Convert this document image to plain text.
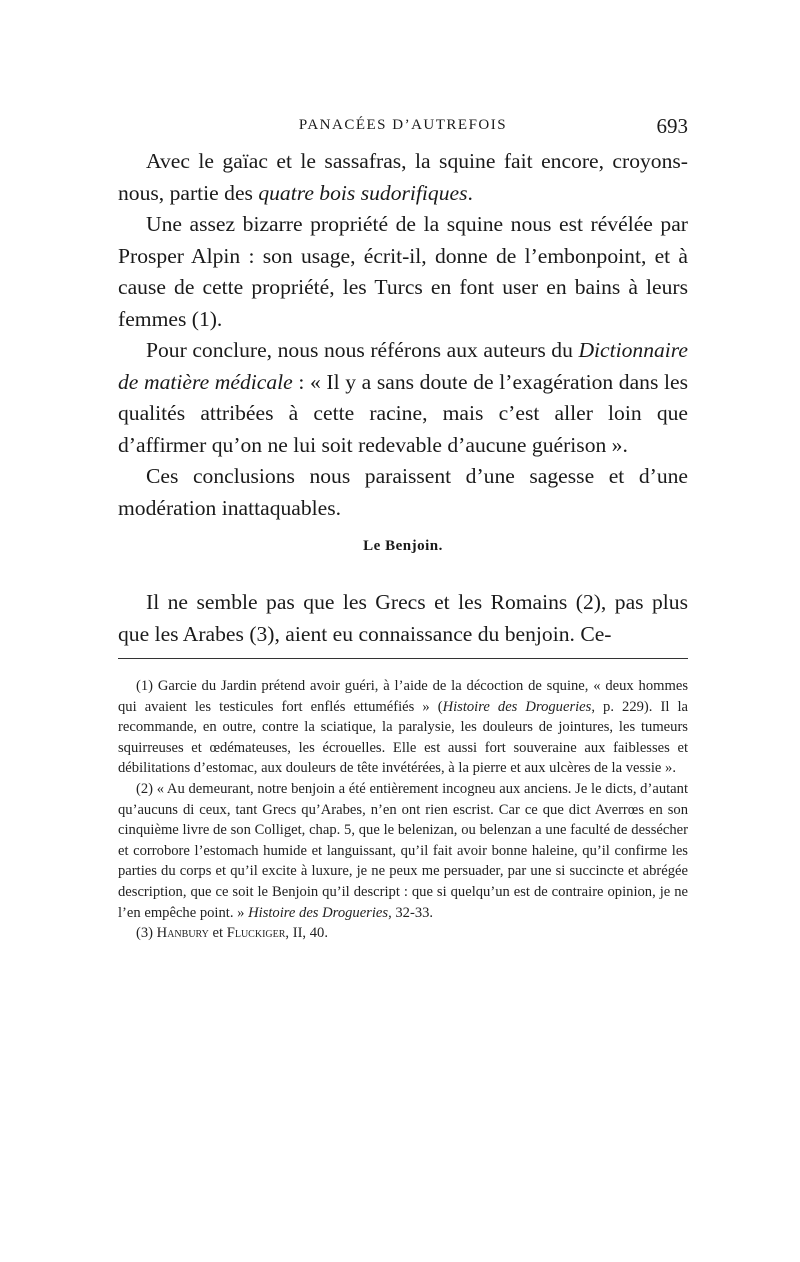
PANACÉES D’AUTREFOIS	693

Avec le gaïac et le sassafras, la squine fait encore, croyons-nous, partie des quatre bois sudorifiques.

Une assez bizarre propriété de la squine nous est révélée par Prosper Alpin : son usage, écrit-il, donne de l’embonpoint, et à cause de cette propriété, les Turcs en font user en bains à leurs femmes (1).

Pour conclure, nous nous référons aux auteurs du Dictionnaire de matière médicale : « Il y a sans doute de l’exagération dans les qualités attribées à cette racine, mais c’est aller loin que d’affirmer qu’on ne lui soit redevable d’aucune guérison ».

Ces conclusions nous paraissent d’une sagesse et d’une modération inattaquables.

Le Benjoin.

Il ne semble pas que les Grecs et les Romains (2), pas plus que les Arabes (3), aient eu connaissance du benjoin. Ce-

(1) Garcie du Jardin prétend avoir guéri, à l’aide de la décoction de squine, « deux hommes qui avaient les testicules fort enflés ettuméfiés » (Histoire des Drogueries, p. 229). Il la recommande, en outre, contre la sciatique, la paralysie, les douleurs de jointures, les tumeurs squirreuses et œdémateuses, les écrouelles. Elle est aussi fort souveraine aux faiblesses et débilitations d’estomac, aux douleurs de tête invétérées, à la pierre et aux ulcères de la vessie ».

(2) « Au demeurant, notre benjoin a été entièrement incogneu aux anciens. Je le dicts, d’autant qu’aucuns di ceux, tant Grecs qu’Arabes, n’en ont rien escrist. Car ce que dict Averrœs en son cinquième livre de son Colliget, chap. 5, que le belenizan, ou belenzan a une faculté de dessécher et corrobore l’estomach humide et languissant, qu’il fait avoir bonne haleine, qu’il confirme les parties du corps et qu’il excite à luxure, je ne peux me persuader, par une si succincte et abrégée description, que ce soit le Benjoin qu’il descript : que si quelqu’un est de contraire opinion, je ne l’en empêche point. » Histoire des Drogueries, 32-33.

(3) Hanbury et Fluckiger, II, 40.
